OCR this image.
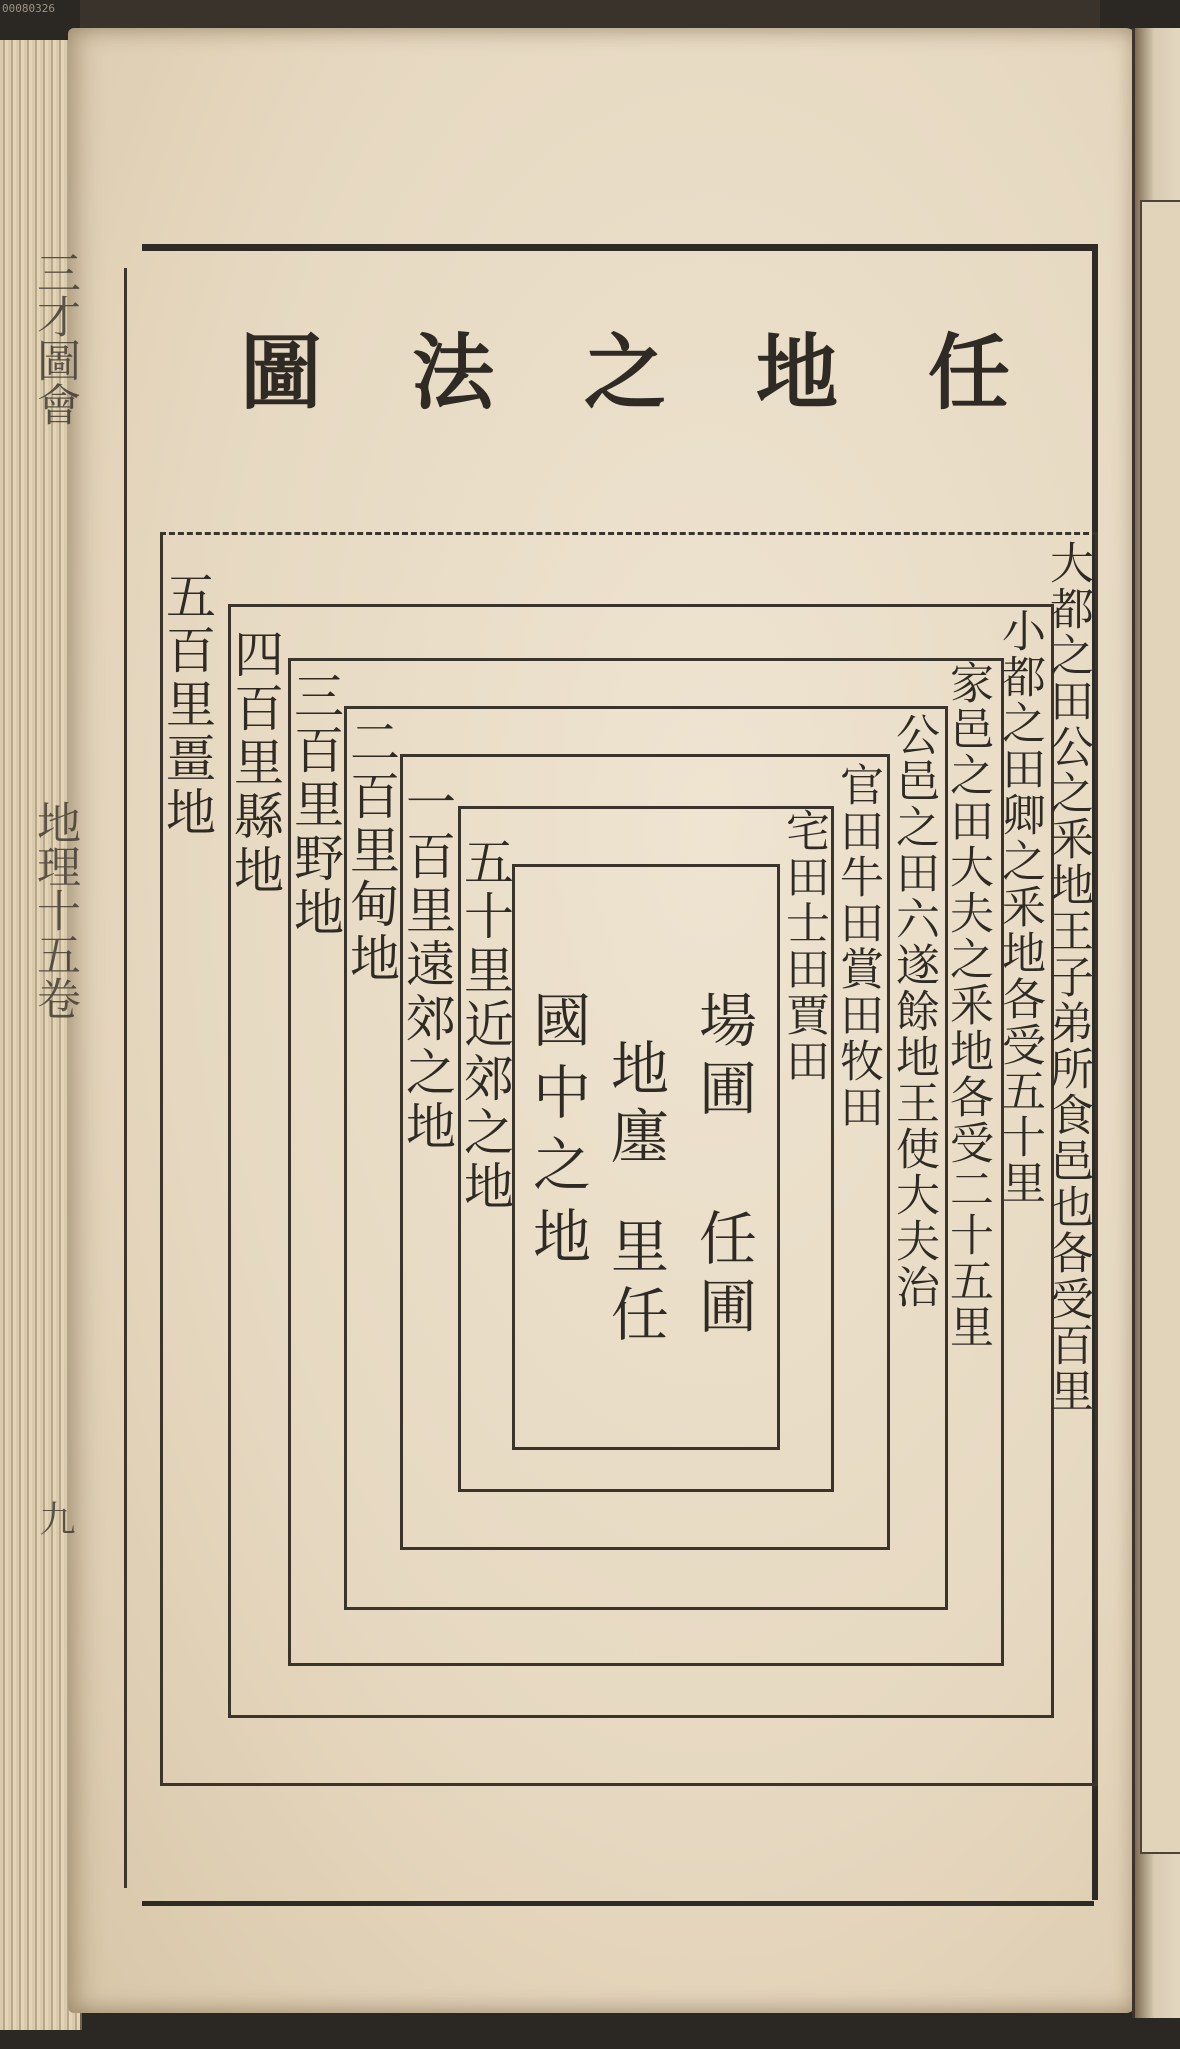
00080326
三才圖會
地理十五卷
九
任
地
之
法
圖
五百里畺地 四百里縣地 三百里野地
二百里甸地
一百里遠郊之地 五十里近郊之地	大都之田公之釆地王子弟所食邑也各受百里
小都之田卿之釆地各受五十里
家邑之田大夫之釆地各受二十五里
公邑之田六遂餘地王使大夫治
官田牛田賞田牧田
宅田士田賈田
場圃
任圃
地廛
里任
國中之地
